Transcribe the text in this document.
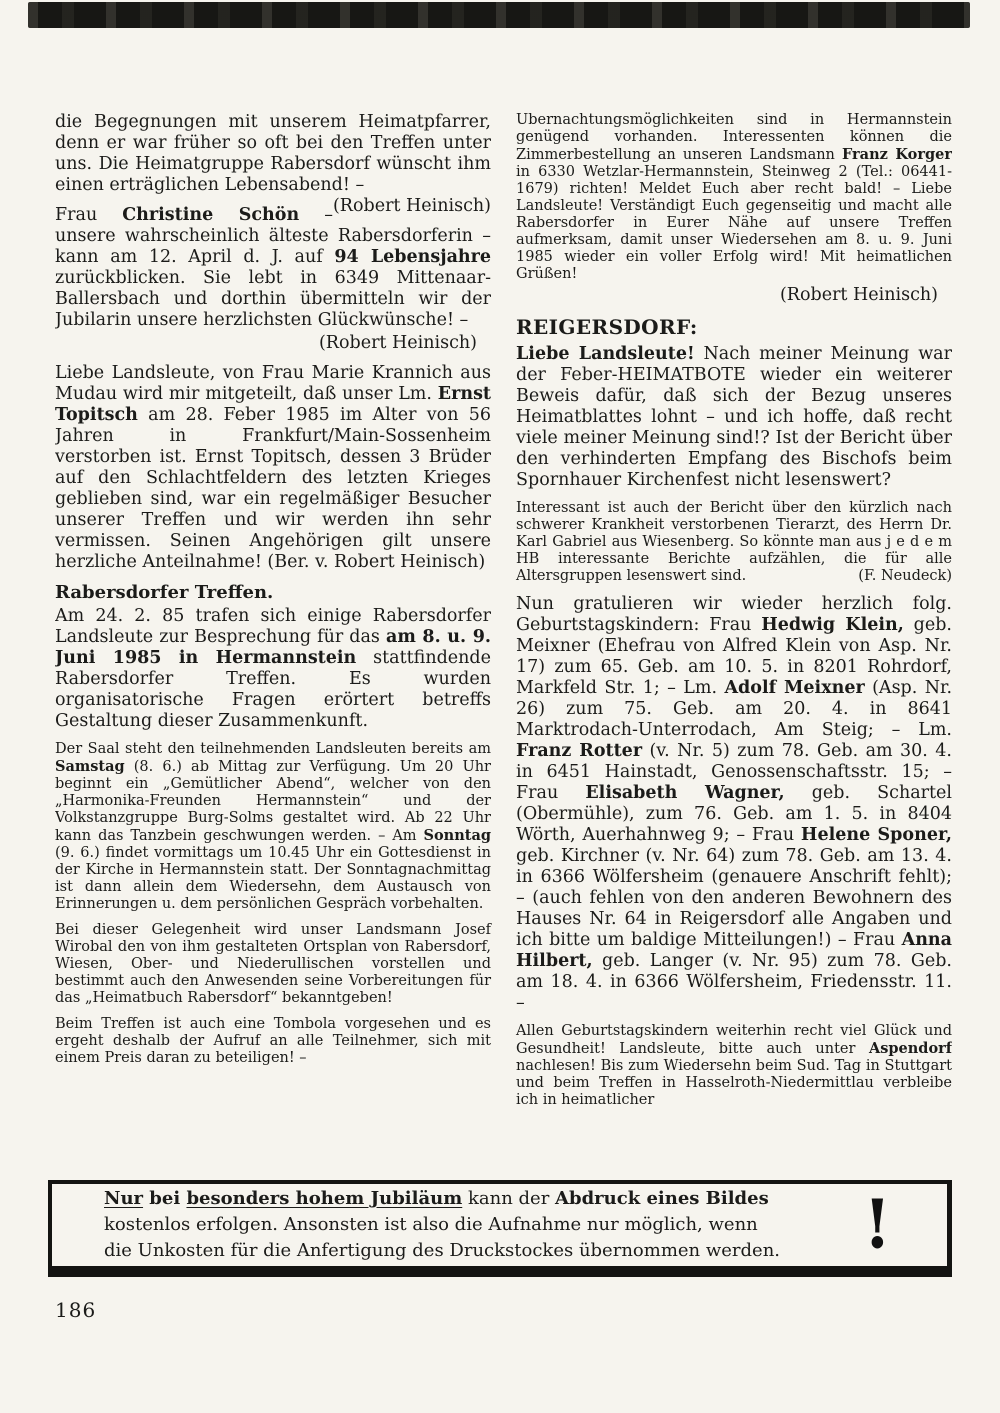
die Begegnungen mit unserem Heimatpfarrer, denn er war früher so oft bei den Treffen unter uns. Die Heimatgruppe Rabersdorf wünscht ihm einen erträglichen Lebensabend! –
(Robert Heinisch)

Frau Christine Schön – unsere wahrscheinlich älteste Rabersdorferin – kann am 12. April d. J. auf 94 Lebensjahre zurückblicken. Sie lebt in 6349 Mittenaar-Ballersbach und dorthin übermitteln wir der Jubilarin unsere herzlichsten Glückwünsche! –

(Robert Heinisch)

Liebe Landsleute, von Frau Marie Krannich aus Mudau wird mir mitgeteilt, daß unser Lm. Ernst Topitsch am 28. Feber 1985 im Alter von 56 Jahren in Frankfurt/Main-Sossenheim verstorben ist. Ernst Topitsch, dessen 3 Brüder auf den Schlachtfeldern des letzten Krieges geblieben sind, war ein regelmäßiger Besucher unserer Treffen und wir werden ihn sehr vermissen. Seinen Angehörigen gilt unsere herzliche Anteilnahme! (Ber. v. Robert Heinisch)

Rabersdorfer Treffen.

Am 24. 2. 85 trafen sich einige Rabersdorfer Landsleute zur Besprechung für das am 8. u. 9. Juni 1985 in Hermannstein stattfindende Rabersdorfer Treffen. Es wurden organisatorische Fragen erörtert betreffs Gestaltung dieser Zusammenkunft.

Der Saal steht den teilnehmenden Landsleuten bereits am Samstag (8. 6.) ab Mittag zur Verfügung. Um 20 Uhr beginnt ein „Gemütlicher Abend“, welcher von den „Harmonika-Freunden Hermannstein“ und der Volkstanzgruppe Burg-Solms gestaltet wird. Ab 22 Uhr kann das Tanzbein geschwungen werden. – Am Sonntag (9. 6.) findet vormittags um 10.45 Uhr ein Gottesdienst in der Kirche in Hermannstein statt. Der Sonntagnachmittag ist dann allein dem Wiedersehn, dem Austausch von Erinnerungen u. dem persönlichen Gespräch vorbehalten.

Bei dieser Gelegenheit wird unser Landsmann Josef Wirobal den von ihm gestalteten Ortsplan von Rabersdorf, Wiesen, Ober- und Niederullischen vorstellen und bestimmt auch den Anwesenden seine Vorbereitungen für das „Heimatbuch Rabersdorf“ bekanntgeben!

Beim Treffen ist auch eine Tombola vorgesehen und es ergeht deshalb der Aufruf an alle Teilnehmer, sich mit einem Preis daran zu beteiligen! –

Übernachtungsmöglichkeiten sind in Hermannstein genügend vorhanden. Interessenten können die Zimmerbestellung an unseren Landsmann Franz Korger in 6330 Wetzlar-Hermannstein, Steinweg 2 (Tel.: 06441-1679) richten! Meldet Euch aber recht bald! – Liebe Landsleute! Verständigt Euch gegenseitig und macht alle Rabersdorfer in Eurer Nähe auf unsere Treffen aufmerksam, damit unser Wiedersehen am 8. u. 9. Juni 1985 wieder ein voller Erfolg wird! Mit heimatlichen Grüßen!

(Robert Heinisch)

REIGERSDORF:

Liebe Landsleute! Nach meiner Meinung war der Feber-HEIMATBOTE wieder ein weiterer Beweis dafür, daß sich der Bezug unseres Heimatblattes lohnt – und ich hoffe, daß recht viele meiner Meinung sind!? Ist der Bericht über den verhinderten Empfang des Bischofs beim Spornhauer Kirchenfest nicht lesenswert?

Interessant ist auch der Bericht über den kürzlich nach schwerer Krankheit verstorbenen Tierarzt, des Herrn Dr. Karl Gabriel aus Wiesenberg. So könnte man aus j e d e m HB interessante Berichte aufzählen, die für alle Altersgruppen lesenswert sind.	(F. Neudeck)

Nun gratulieren wir wieder herzlich folg. Geburtstagskindern: Frau Hedwig Klein, geb. Meixner (Ehefrau von Alfred Klein von Asp. Nr. 17) zum 65. Geb. am 10. 5. in 8201 Rohrdorf, Markfeld Str. 1; – Lm. Adolf Meixner (Asp. Nr. 26) zum 75. Geb. am 20. 4. in 8641 Marktrodach-Unterrodach, Am Steig; – Lm. Franz Rotter (v. Nr. 5) zum 78. Geb. am 30. 4. in 6451 Hainstadt, Genossenschaftsstr. 15; – Frau Elisabeth Wagner, geb. Schartel (Obermühle), zum 76. Geb. am 1. 5. in 8404 Wörth, Auerhahnweg 9; – Frau Helene Sponer, geb. Kirchner (v. Nr. 64) zum 78. Geb. am 13. 4. in 6366 Wölfersheim (genauere Anschrift fehlt); – (auch fehlen von den anderen Bewohnern des Hauses Nr. 64 in Reigersdorf alle Angaben und ich bitte um baldige Mitteilungen!) – Frau Anna Hilbert, geb. Langer (v. Nr. 95) zum 78. Geb. am 18. 4. in 6366 Wölfersheim, Friedensstr. 11. –

Allen Geburtstagskindern weiterhin recht viel Glück und Gesundheit! Landsleute, bitte auch unter Aspendorf nachlesen! Bis zum Wiedersehn beim Sud. Tag in Stuttgart und beim Treffen in Hasselroth-Niedermittlau verbleibe ich in heimatlicher

Nur bei besonders hohem Jubiläum kann der Abdruck eines Bildes
kostenlos erfolgen. Ansonsten ist also die Aufnahme nur möglich, wenn
die Unkosten für die Anfertigung des Druckstockes übernommen werden.	!
186
